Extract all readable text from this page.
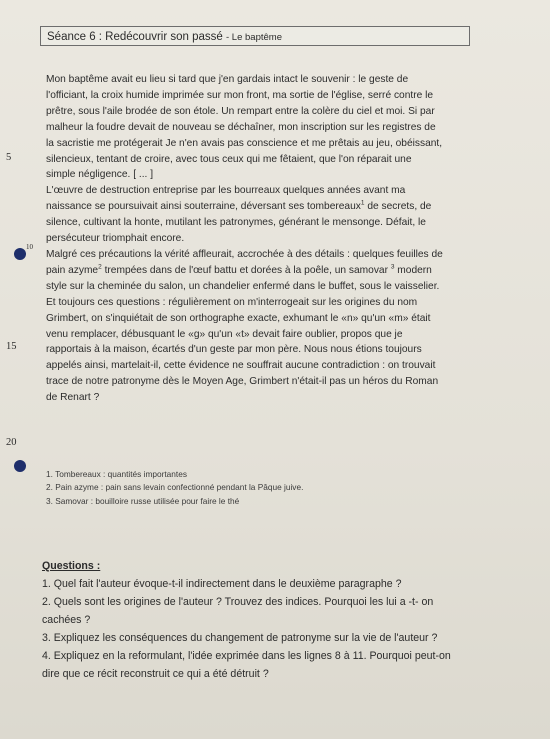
Séance 6 : Redécouvrir son passé - Le baptême
5
10
15
20

Mon baptême avait eu lieu si tard que j'en gardais intact le souvenir : le geste de

l'officiant, la croix humide imprimée sur mon front, ma sortie de l'église, serré contre le

prêtre, sous l'aile brodée de son étole. Un rempart entre la colère du ciel et moi. Si par

malheur la foudre devait de nouveau se déchaîner, mon inscription sur les registres de

la sacristie me protégerait Je n'en avais pas conscience et me prêtais au jeu, obéissant,

silencieux, tentant de croire, avec tous ceux qui me fêtaient, que l'on réparait une

simple négligence. [ ... ]

L'œuvre de destruction entreprise par les bourreaux quelques années avant ma

naissance se poursuivait ainsi souterraine, déversant ses tombereaux$^1$ de secrets, de

silence, cultivant la honte, mutilant les patronymes, générant le mensonge. Défait, le

persécuteur triomphait encore.

Malgré ces précautions la vérité affleurait, accrochée à des détails : quelques feuilles de

pain azyme$^2$ trempées dans de l'œuf battu et dorées à la poêle, un samovar $^3$ modern

style sur la cheminée du salon, un chandelier enfermé dans le buffet, sous le vaisselier.

Et toujours ces questions : régulièrement on m'interrogeait sur les origines du nom

Grimbert, on s'inquiétait de son orthographe exacte, exhumant le «n» qu'un «m» était

venu remplacer, débusquant le «g» qu'un «t» devait faire oublier, propos que je

rapportais à la maison, écartés d'un geste par mon père. Nous nous étions toujours

appelés ainsi, martelait-il, cette évidence ne souffrait aucune contradiction : on trouvait

trace de notre patronyme dès le Moyen Age, Grimbert n'était-il pas un héros du Roman

de Renart ?

1. Tombereaux : quantités importantes

2. Pain azyme : pain sans levain confectionné pendant la Pâque juive.

3. Samovar : bouilloire russe utilisée pour faire le thé

Questions :

1. Quel fait l'auteur évoque-t-il indirectement dans le deuxième paragraphe ?

2. Quels sont les origines de l'auteur ? Trouvez des indices. Pourquoi les lui a -t- on

cachées ?

3. Expliquez les conséquences du changement de patronyme sur la vie de l'auteur ?

4. Expliquez en la reformulant, l'idée exprimée dans les lignes 8 à 11. Pourquoi peut-on

dire que ce récit reconstruit ce qui a été détruit ?
